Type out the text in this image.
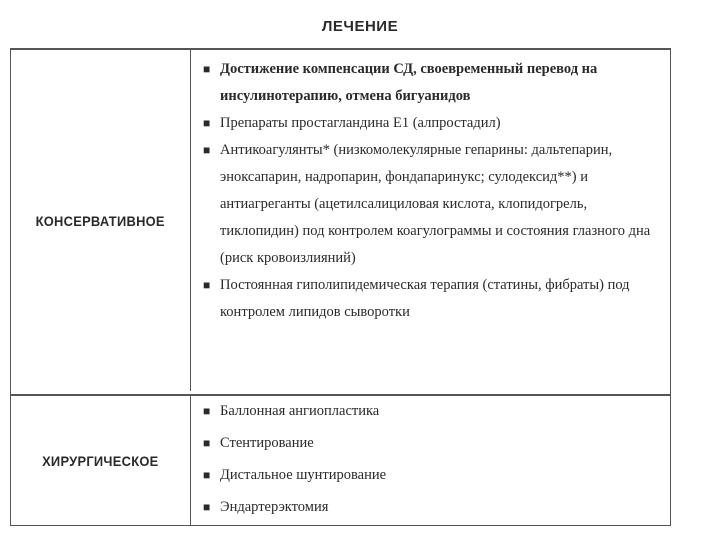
ЛЕЧЕНИЕ
КОНСЕРВАТИВНОЕ
■ Достижение компенсации СД, своевременный перевод на инсулинотерапию, отмена бигуанидов
■ Препараты простагландина E1 (алпростадил)
■ Антикоагулянты* (низкомолекулярные гепарины: дальтепарин, эноксапарин, надропарин, фондапаринукс; сулодексид**) и антиагреганты (ацетилсалициловая кислота, клопидогрель, тиклопидин) под контролем коагулограммы и состояния глазного дна (риск кровоизлияний)
■ Постоянная гиполипидемическая терапия (статины, фибраты) под контролем липидов сыворотки
ХИРУРГИЧЕСКОЕ
■ Баллонная ангиопластика
■ Стентирование
■ Дистальное шунтирование
■ Эндартерэктомия
